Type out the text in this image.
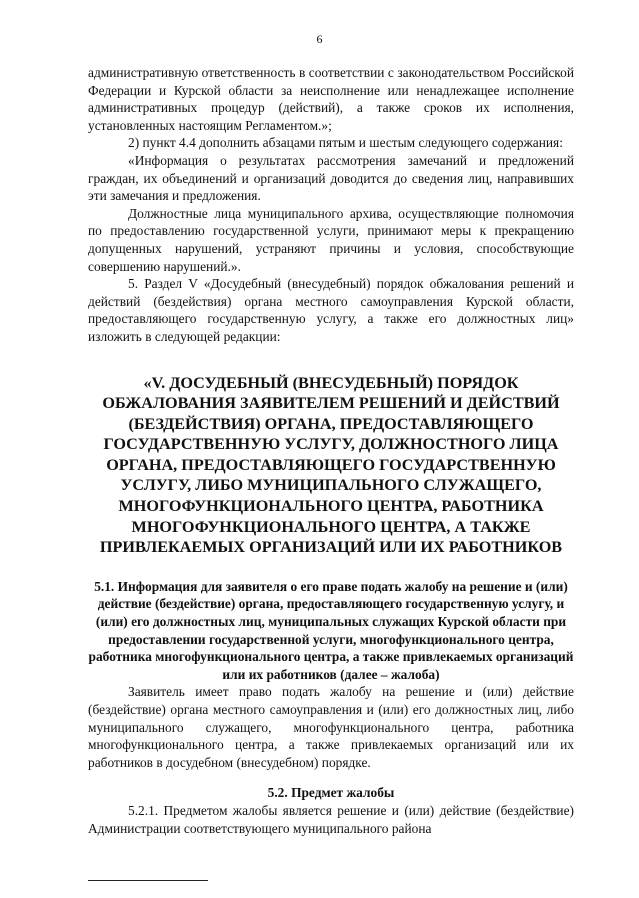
6

административную ответственность в соответствии с законодательством Российской Федерации и Курской области за неисполнение или ненадлежащее исполнение административных процедур (действий), а также сроков их исполнения, установленных настоящим Регламентом.»;

2) пункт 4.4 дополнить абзацами пятым и шестым следующего содержания:

«Информация о результатах рассмотрения замечаний и предложений граждан, их объединений и организаций доводится до сведения лиц, направивших эти замечания и предложения.

Должностные лица муниципального архива, осуществляющие полномочия по предоставлению государственной услуги, принимают меры к прекращению допущенных нарушений, устраняют причины и условия, способствующие совершению нарушений.».

5. Раздел V «Досудебный (внесудебный) порядок обжалования решений и действий (бездействия) органа местного самоуправления Курской области, предоставляющего государственную услугу, а также его должностных лиц» изложить в следующей редакции:

«V. ДОСУДЕБНЫЙ (ВНЕСУДЕБНЫЙ) ПОРЯДОК ОБЖАЛОВАНИЯ ЗАЯВИТЕЛЕМ РЕШЕНИЙ И ДЕЙСТВИЙ (БЕЗДЕЙСТВИЯ) ОРГАНА, ПРЕДОСТАВЛЯЮЩЕГО ГОСУДАРСТВЕННУЮ УСЛУГУ, ДОЛЖНОСТНОГО ЛИЦА ОРГАНА, ПРЕДОСТАВЛЯЮЩЕГО ГОСУДАРСТВЕННУЮ УСЛУГУ, ЛИБО МУНИЦИПАЛЬНОГО СЛУЖАЩЕГО, МНОГОФУНКЦИОНАЛЬНОГО ЦЕНТРА, РАБОТНИКА МНОГОФУНКЦИОНАЛЬНОГО ЦЕНТРА, А ТАКЖЕ ПРИВЛЕКАЕМЫХ ОРГАНИЗАЦИЙ ИЛИ ИХ РАБОТНИКОВ
5.1. Информация для заявителя о его праве подать жалобу на решение и (или) действие (бездействие) органа, предоставляющего государственную услугу, и (или) его должностных лиц, муниципальных служащих Курской области при предоставлении государственной услуги, многофункционального центра, работника многофункционального центра, а также привлекаемых организаций или их работников (далее – жалоба)

Заявитель имеет право подать жалобу на решение и (или) действие (бездействие) органа местного самоуправления и (или) его должностных лиц, либо муниципального служащего, многофункционального центра, работника многофункционального центра, а также привлекаемых организаций или их работников в досудебном (внесудебном) порядке.

5.2. Предмет жалобы

5.2.1. Предметом жалобы является решение и (или) действие (бездействие) Администрации соответствующего муниципального района
